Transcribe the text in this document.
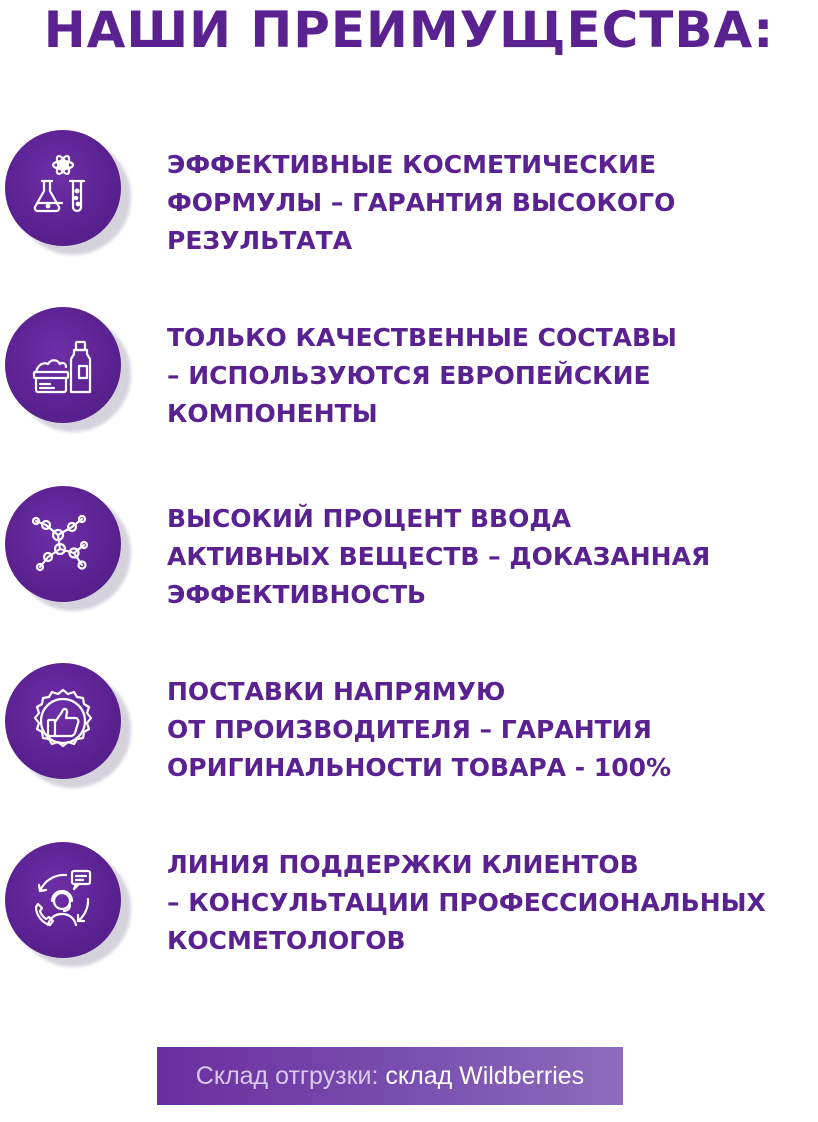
НАШИ ПРЕИМУЩЕСТВА:
ЭФФЕКТИВНЫЕ КОСМЕТИЧЕСКИЕ
ФОРМУЛЫ – ГАРАНТИЯ ВЫСОКОГО
РЕЗУЛЬТАТА
ТОЛЬКО КАЧЕСТВЕННЫЕ СОСТАВЫ
– ИСПОЛЬЗУЮТСЯ ЕВРОПЕЙСКИЕ
КОМПОНЕНТЫ
ВЫСОКИЙ ПРОЦЕНТ ВВОДА
АКТИВНЫХ ВЕЩЕСТВ – ДОКАЗАННАЯ
ЭФФЕКТИВНОСТЬ
ПОСТАВКИ НАПРЯМУЮ
ОТ ПРОИЗВОДИТЕЛЯ – ГАРАНТИЯ
ОРИГИНАЛЬНОСТИ ТОВАРА - 100%
ЛИНИЯ ПОДДЕРЖКИ КЛИЕНТОВ
– КОНСУЛЬТАЦИИ ПРОФЕССИОНАЛЬНЫХ
КОСМЕТОЛОГОВ
Склад отгрузки:
склад Wildberries
